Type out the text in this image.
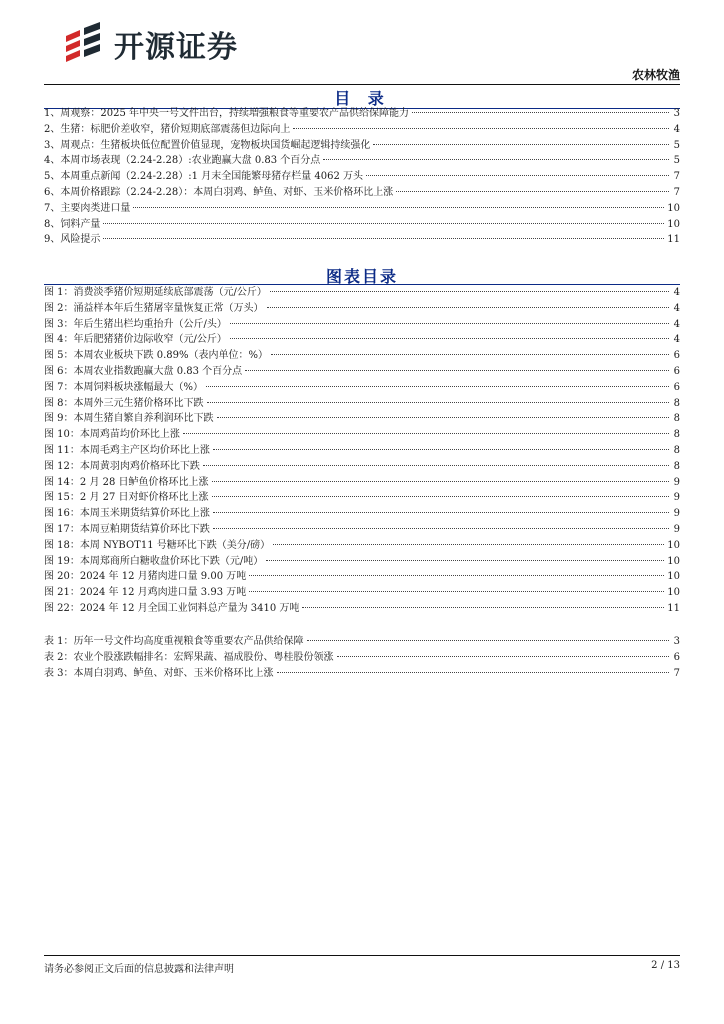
开源证券
农林牧渔
目 录
1、 周观察：2025 年中央一号文件出台，持续増强粮食等重要农产品供给保障能力	3
2、 生猪：标肥价差收窄，猪价短期底部震荡但边际向上	4
3、 周观点：生猪板块低位配置价值显现，宠物板块国货崛起逻辑持续强化	5
4、 本周市场表现（2.24-2.28）:农业跑赢大盘 0.83 个百分点	5
5、 本周重点新闻（2.24-2.28）:1 月末全国能繁母猪存栏量 4062 万头	7
6、 本周价格跟踪（2.24-2.28）：本周白羽鸡、鲈鱼、对虾、玉米价格环比上涨	7
7、 主要肉类进口量	10
8、 饲料产量	10
9、 风险提示	11
图表目录
图 1： 消费淡季猪价短期延续底部震荡（元/公斤）	4
图 2： 涌益样本年后生猪屠宰量恢复正常（万头）	4
图 3： 年后生猪出栏均重抬升（公斤/头）	4
图 4： 年后肥猪猪价边际收窄（元/公斤）	4
图 5： 本周农业板块下跌 0.89%（表内单位：%）	6
图 6： 本周农业指数跑赢大盘 0.83 个百分点	6
图 7： 本周饲料板块涨幅最大（%）	6
图 8： 本周外三元生猪价格环比下跌	8
图 9： 本周生猪自繁自养利润环比下跌	8
图 10： 本周鸡苗均价环比上涨	8
图 11： 本周毛鸡主产区均价环比上涨	8
图 12： 本周黄羽肉鸡价格环比下跌	8
图 14： 2 月 28 日鲈鱼价格环比上涨	9
图 15： 2 月 27 日对虾价格环比上涨	9
图 16： 本周玉米期货结算价环比上涨	9
图 17： 本周豆粕期货结算价环比下跌	9
图 18： 本周 NYBOT11 号糖环比下跌（美分/磅）	10
图 19： 本周郑商所白糖收盘价环比下跌（元/吨）	10
图 20： 2024 年 12 月猪肉进口量 9.00 万吨	10
图 21： 2024 年 12 月鸡肉进口量 3.93 万吨	10
图 22： 2024 年 12 月全国工业饲料总产量为 3410 万吨	11
表 1： 历年一号文件均高度重视粮食等重要农产品供给保障	3
表 2： 农业个股涨跌幅排名：宏辉果蔬、福成股份、粤桂股份领涨	6
表 3： 本周白羽鸡、鲈鱼、对虾、玉米价格环比上涨	7
请务必参阅正文后面的信息披露和法律声明	2 / 13
